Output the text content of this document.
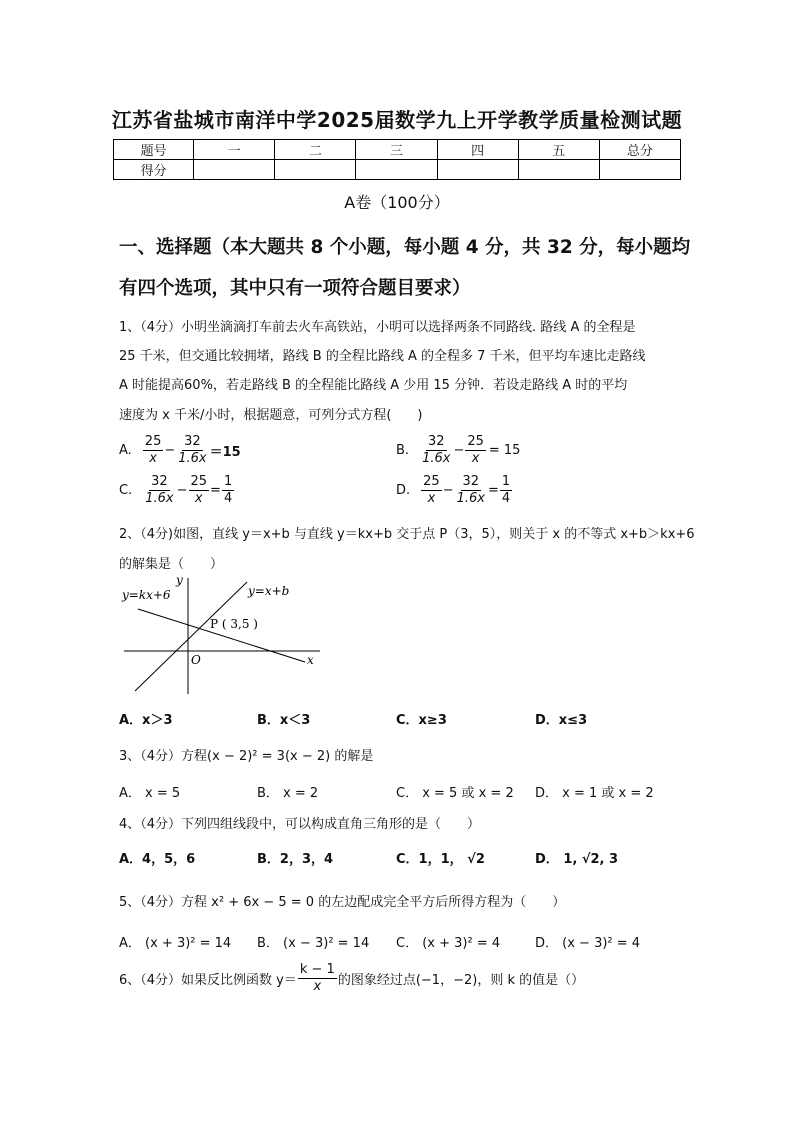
江苏省盐城市南洋中学2025届数学九上开学教学质量检测试题
题号	一	二	三	四	五	总分
得分						
A卷（100分）
一、选择题（本大题共 8 个小题，每小题 4 分，共 32 分，每小题均
有四个选项，其中只有一项符合题目要求）
1、（4分）小明坐滴滴打车前去火车高铁站，小明可以选择两条不同路线. 路线 A 的全程是
25 千米，但交通比较拥堵，路线 B 的全程比路线 A 的全程多 7 千米，但平均车速比走路线
A 时能提高60%，若走路线 B 的全程能比路线 A 少用 15 分钟．若设走路线 A 时的平均
速度为 x 千米/小时，根据题意，可列分式方程(　　)
A. $\frac{25}{x} - \frac{32}{1.6x} =15$	B. $\frac{32}{1.6x} - \frac{25}{x} = 15$
C. $\frac{32}{1.6x} - \frac{25}{x} = \frac{1}{4}$	D. $\frac{25}{x} - \frac{32}{1.6x} = \frac{1}{4}$
2、（4分)如图，直线 y＝x+b 与直线 y＝kx+b 交于点 P（3，5），则关于 x 的不等式 x+b＞kx+6
的解集是（　　）
y=kx+6	y=x+b
P ( 3,5 )
O	x
y
A．x＞3	B．x＜3	C．x≥3	D．x≤3
3、（4分）方程(x − 2)² = 3(x − 2) 的解是
A． x = 5	B． x = 2	C． x = 5 或 x = 2 D． x = 1 或 x = 2
4、（4分）下列四组线段中，可以构成直角三角形的是（　　）
A．4，5，6	B．2，3，4	C．1，1， √2	D． 1, √2, 3
5、（4分）方程 x² + 6x − 5 = 0 的左边配成完全平方后所得方程为（　　）
A． (x + 3)² = 14 B． (x − 3)² = 14 C． (x + 3)² = 4	D． (x − 3)² = 4
6、（4分）如果反比例函数 $y= \frac{k - 1}{x}$ 的图象经过点(−1，−2)，则 k 的值是（）
